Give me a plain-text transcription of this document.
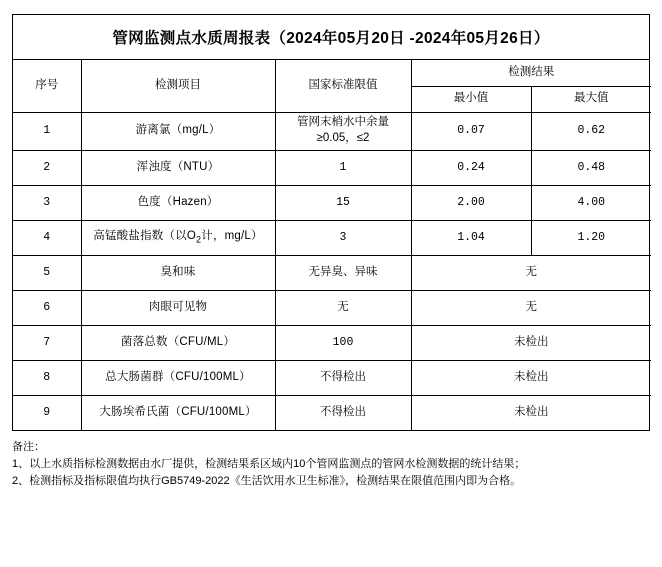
管网监测点水质周报表（2024年05月20日 -2024年05月26日）
序号	检测项目	国家标准限值	检测结果	
			最小值	最大值
1	游离氯（mg/L）	管网末梢水中余量≥0.05，≤2	0.07	0.62
2	浑浊度（NTU）	1	0.24	0.48
3	色度（Hazen）	15	2.00	4.00
4	高锰酸盐指数（以$O_2$计，mg/L）	3	1.04	1.20
5	臭和味	无异臭、异味	无	
6	肉眼可见物	无	无	
7	菌落总数（CFU/ML）	100	未检出	
8	总大肠菌群（CFU/100ML）	不得检出	未检出	
9	大肠埃希氏菌（CFU/100ML）	不得检出	未检出	
备注：
1、以上水质指标检测数据由水厂提供，检测结果系区域内10个管网监测点的管网水检测数据的统计结果；
2、检测指标及指标限值均执行GB5749-2022《生活饮用水卫生标准》，检测结果在限值范围内即为合格。
